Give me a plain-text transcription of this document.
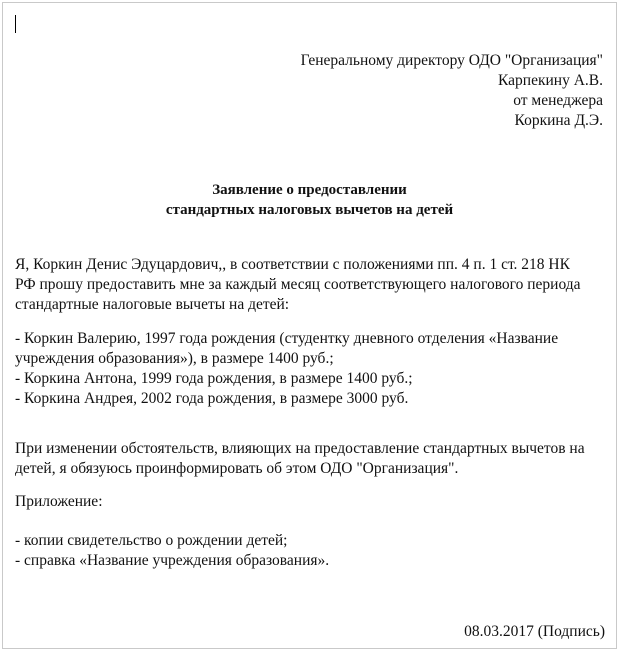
Генеральному директору ОДО "Организация"
Карпекину А.В.
от менеджера
Коркина Д.Э.
Заявление о предоставлении
стандартных налоговых вычетов на детей
Я, Коркин Денис Эдуцардович,, в соответствии с положениями пп. 4 п. 1 ст. 218 НК
РФ прошу предоставить мне за каждый месяц соответствующего налогового периода
стандартные налоговые вычеты на детей:
- Коркин Валерию, 1997 года рождения (студентку дневного отделения «Название
учреждения образования»), в размере 1400 руб.;
- Коркина Антона, 1999 года рождения, в размере 1400 руб.;
- Коркина Андрея, 2002 года рождения, в размере 3000 руб.
При изменении обстоятельств, влияющих на предоставление стандартных вычетов на
детей, я обязуюсь проинформировать об этом ОДО "Организация".
Приложение:
- копии свидетельство о рождении детей;
- справка «Название учреждения образования».
08.03.2017 (Подпись)
